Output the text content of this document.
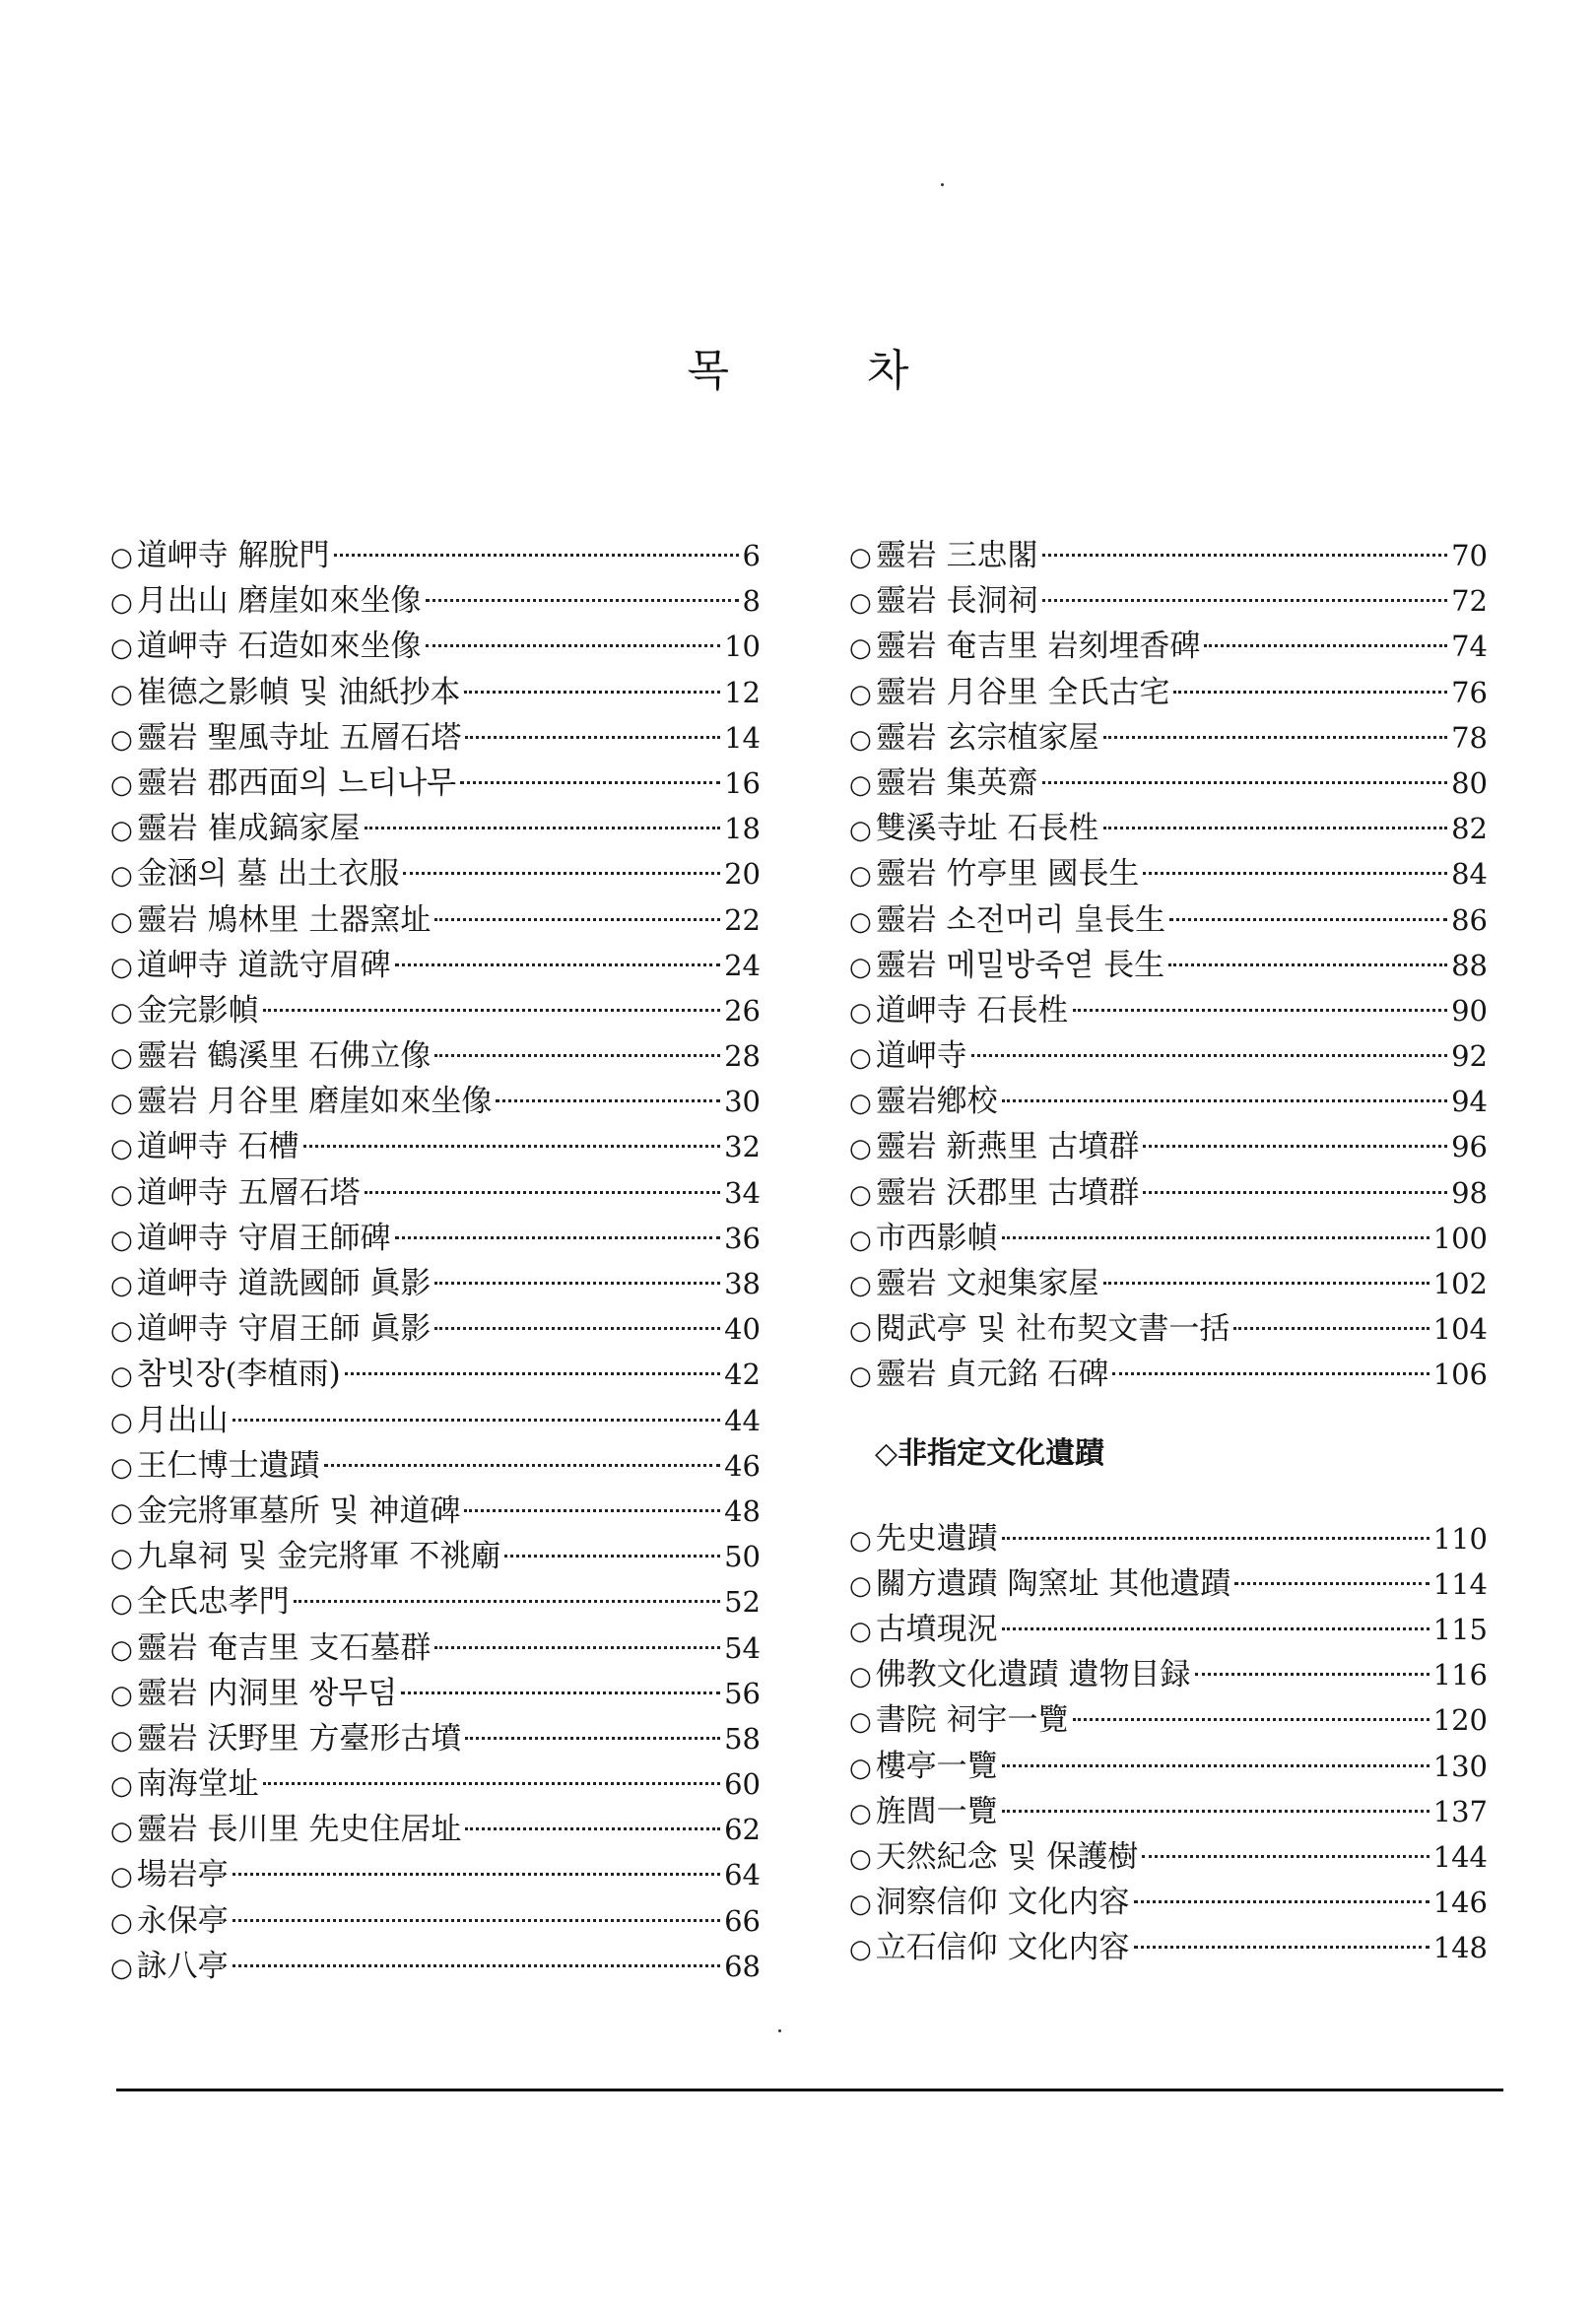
목	차
○ 道岬寺 解脫門	6
○ 月出山 磨崖如來坐像	8
○ 道岬寺 石造如來坐像	10
○ 崔德之影幀 및 油紙抄本	12
○ 靈岩 聖風寺址 五層石塔	14
○ 靈岩 郡西面의 느티나무	16
○ 靈岩 崔成鎬家屋	18
○ 金涵의 墓 出土衣服	20
○ 靈岩 鳩林里 土器窯址	22
○ 道岬寺 道詵守眉碑	24
○ 金完影幀	26
○ 靈岩 鶴溪里 石佛立像	28
○ 靈岩 月谷里 磨崖如來坐像	30
○ 道岬寺 石槽	32
○ 道岬寺 五層石塔	34
○ 道岬寺 守眉王師碑	36
○ 道岬寺 道詵國師 眞影	38
○ 道岬寺 守眉王師 眞影	40
○ 참빗장(李植雨)	42
○ 月出山	44
○ 王仁博士遺蹟	46
○ 金完將軍墓所 및 神道碑	48
○ 九皐祠 및 金完將軍 不祧廟	50
○ 全氏忠孝門	52
○ 靈岩 奄吉里 支石墓群	54
○ 靈岩 内洞里 쌍무덤	56
○ 靈岩 沃野里 方臺形古墳	58
○ 南海堂址	60
○ 靈岩 長川里 先史住居址	62
○ 場岩亭	64
○ 永保亭	66
○ 詠八亭	68
○ 靈岩 三忠閣	70
○ 靈岩 長洞祠	72
○ 靈岩 奄吉里 岩刻埋香碑	74
○ 靈岩 月谷里 全氏古宅	76
○ 靈岩 玄宗植家屋	78
○ 靈岩 集英齋	80
○ 雙溪寺址 石長栍	82
○ 靈岩 竹亭里 國長生	84
○ 靈岩 소전머리 皇長生	86
○ 靈岩 메밀방죽엳 長生	88
○ 道岬寺 石長栍	90
○ 道岬寺	92
○ 靈岩鄕校	94
○ 靈岩 新燕里 古墳群	96
○ 靈岩 沃郡里 古墳群	98
○ 市西影幀	100
○ 靈岩 文昶集家屋	102
○ 閱武亭 및 社布契文書一括	104
○ 靈岩 貞元銘 石碑	106
◇非指定文化遺蹟
○ 先史遺蹟	110
○ 關方遺蹟 陶窯址 其他遺蹟	114
○ 古墳現況	115
○ 佛教文化遺蹟 遺物目録	116
○ 書院 祠宇一覽	120
○ 樓亭一覽	130
○ 旌閭一覽	137
○ 天然紀念 및 保護樹	144
○ 洞察信仰 文化内容	146
○ 立石信仰 文化内容	148
